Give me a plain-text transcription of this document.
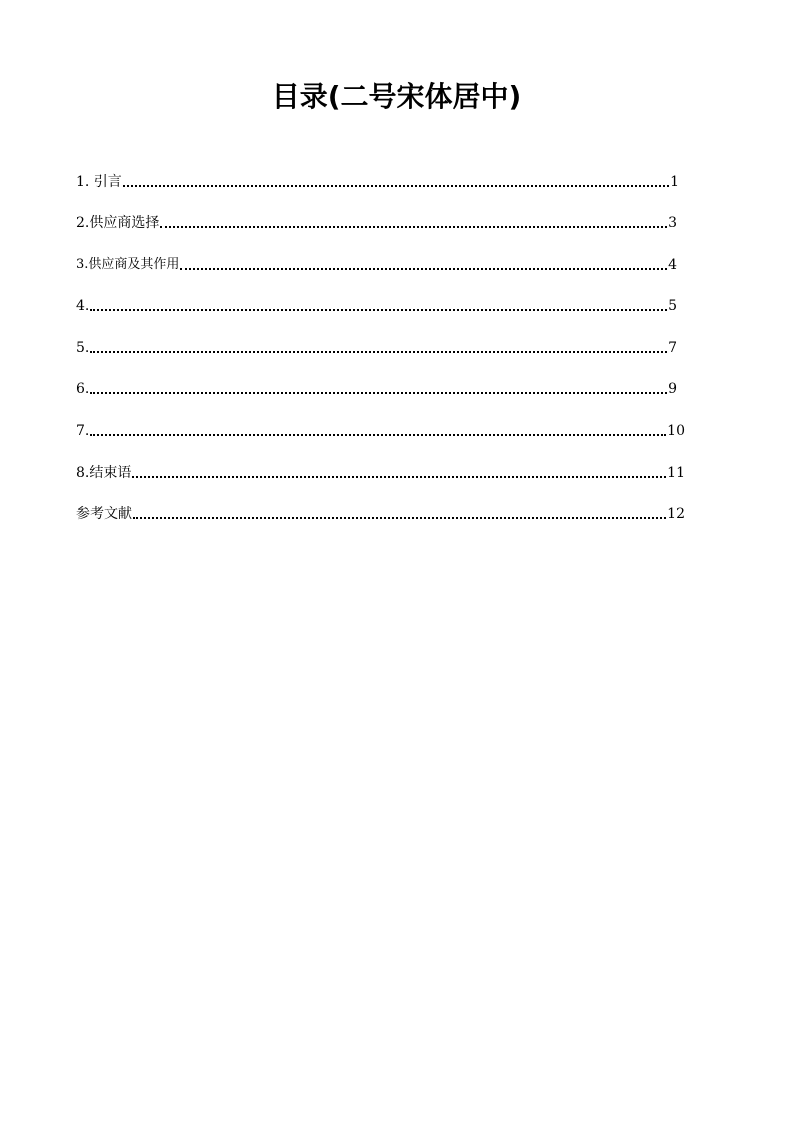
目录(二号宋体居中)
1. 引言	1
2.供应商选择	3
3.供应商及其作用	4
4.	5
5.	7
6.	9
7.	10
8.结束语	11
参考文献	12
